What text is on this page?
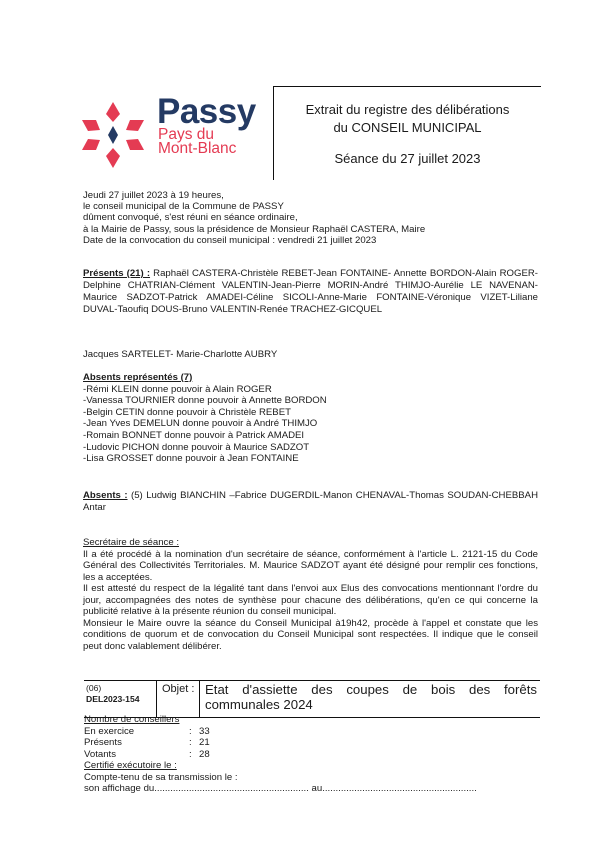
Passy
Pays du
Mont-Blanc

Extrait du registre des délibérations

du CONSEIL MUNICIPAL

Séance du 27 juillet 2023

Jeudi 27 juillet 2023 à 19 heures,

le conseil municipal de la Commune de PASSY

dûment convoqué, s'est réuni en séance ordinaire,

à la Mairie de Passy, sous la présidence de Monsieur Raphaël CASTERA, Maire

Date de la convocation du conseil municipal : vendredi 21 juillet 2023

Présents (21) : Raphaël CASTERA-Christèle REBET-Jean FONTAINE- Annette BORDON-Alain ROGER-Delphine CHATRIAN-Clément VALENTIN-Jean-Pierre MORIN-André THIMJO-Aurélie LE NAVENAN-Maurice SADZOT-Patrick AMADEI-Céline SICOLI-Anne-Marie FONTAINE-Véronique VIZET-Liliane DUVAL-Taoufiq DOUS-Bruno VALENTIN-Renée TRACHEZ-GICQUEL

Jacques SARTELET- Marie-Charlotte AUBRY

Absents représentés (7)

-Rémi KLEIN donne pouvoir à Alain ROGER

-Vanessa TOURNIER donne pouvoir à Annette BORDON

-Belgin CETIN donne pouvoir à Christèle REBET

-Jean Yves DEMELUN donne pouvoir à André THIMJO

-Romain BONNET donne pouvoir à Patrick AMADEI

-Ludovic PICHON donne pouvoir à Maurice SADZOT

-Lisa GROSSET donne pouvoir à Jean FONTAINE

Absents : (5) Ludwig BIANCHIN –Fabrice DUGERDIL-Manon CHENAVAL-Thomas SOUDAN-CHEBBAH Antar

Secrétaire de séance :

Il a été procédé à la nomination d'un secrétaire de séance, conformément à l'article L. 2121-15 du Code Général des Collectivités Territoriales. M. Maurice SADZOT ayant été désigné pour remplir ces fonctions, les a acceptées.

Il est attesté du respect de la légalité tant dans l'envoi aux Elus des convocations mentionnant l'ordre du jour, accompagnées des notes de synthèse pour chacune des délibérations, qu'en ce qui concerne la publicité relative à la présente réunion du conseil municipal.

Monsieur le Maire ouvre la séance du Conseil Municipal à19h42, procède à l'appel et constate que les conditions de quorum et de convocation du Conseil Municipal sont respectées. Il indique que le conseil peut donc valablement délibérer.

(06)
DEL2023-154
Objet : Etat d'assiette des coupes de bois des forêts communales 2024
Nombre de conseillers
En exercice	: 33
Présents	: 21
Votants	: 28
Certifié exécutoire le :
Compte-tenu de sa transmission le :
son affichage du.......................................................... au..........................................................
